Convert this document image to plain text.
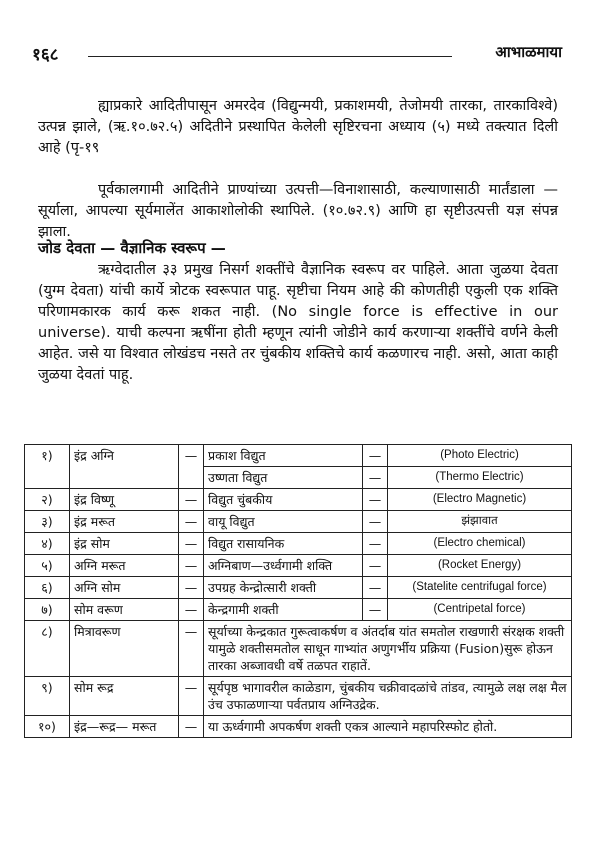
१६८	आभाळमाया

ह्याप्रकारे आदितीपासून अमरदेव (विद्युन्मयी, प्रकाशमयी, तेजोमयी तारका, तारकाविश्वे) उत्पन्न झाले, (ऋ.१०.७२.५) अदितीने प्रस्थापित केलेली सृष्टिरचना अध्याय (५) मध्ये तक्त्यात दिली आहे (पृ-१९

पूर्वकालगामी आदितीने प्राण्यांच्या उत्पत्ती—विनाशासाठी, कल्याणासाठी मार्तंडाला — सूर्याला, आपल्या सूर्यमालेंत आकाशोलोकी स्थापिले. (१०.७२.९) आणि हा सृष्टीउत्पत्ती यज्ञ संपन्न झाला.

जोड देवता — वैज्ञानिक स्वरूप —

ऋग्वेदातील ३३ प्रमुख निसर्ग शक्तींचे वैज्ञानिक स्वरूप वर पाहिले. आता जुळया देवता (युग्म देवता) यांची कार्ये त्रोटक स्वरूपात पाहू. सृष्टीचा नियम आहे की कोणतीही एकुली एक शक्ति परिणामकारक कार्य करू शकत नाही. (No single force is effective in our universe). याची कल्पना ऋषींना होती म्हणून त्यांनी जोडीने कार्य करणाऱ्या शक्तींचे वर्णने केली आहेत. जसे या विश्वात लोखंडच नसते तर चुंबकीय शक्तिचे कार्य कळणारच नाही. असो, आता काही जुळया देवतां पाहू.

१)	इंद्र अग्नि	—	प्रकाश विद्युत	—	(Photo Electric)
			उष्णता विद्युत	—	(Thermo Electric)
२)	इंद्र विष्णू	—	विद्युत चुंबकीय	—	(Electro Magnetic)
३)	इंद्र मरूत	—	वायू विद्युत	—	झंझावात
४)	इंद्र सोम	—	विद्युत रासायनिक	—	(Electro chemical)
५)	अग्नि मरूत	—	अग्निबाण—उर्ध्वगामी शक्ति	—	(Rocket Energy)
६)	अग्नि सोम	—	उपग्रह केन्द्रोत्सारी शक्ती	—	(Statelite centrifugal force)
७)	सोम वरूण	—	केन्द्रगामी शक्ती	—	(Centripetal force)
८)	मित्रावरूण	—	सूर्याच्या केन्द्रकात गुरूत्वाकर्षण व अंतर्दाब यांत समतोल राखणारी संरक्षक शक्ती यामुळे शक्तीसमतोल साधून गाभ्यांत अणुगर्भीय प्रक्रिया (Fusion)सुरू होऊन तारका अब्जावधी वर्षे तळपत राहातें.		
९)	सोम रूद्र	—	सूर्यपृष्ठ भागावरील काळेडाग, चुंबकीय चक्रीवादळांचे तांडव, त्यामुळे लक्ष लक्ष मैल उंच उफाळणाऱ्या पर्वतप्राय अग्निउद्रेक.		
१०)	इंद्र—रूद्र— मरूत	—	या ऊर्ध्वगामी अपकर्षण शक्ती एकत्र आल्याने महापरिस्फोट होतो.		
